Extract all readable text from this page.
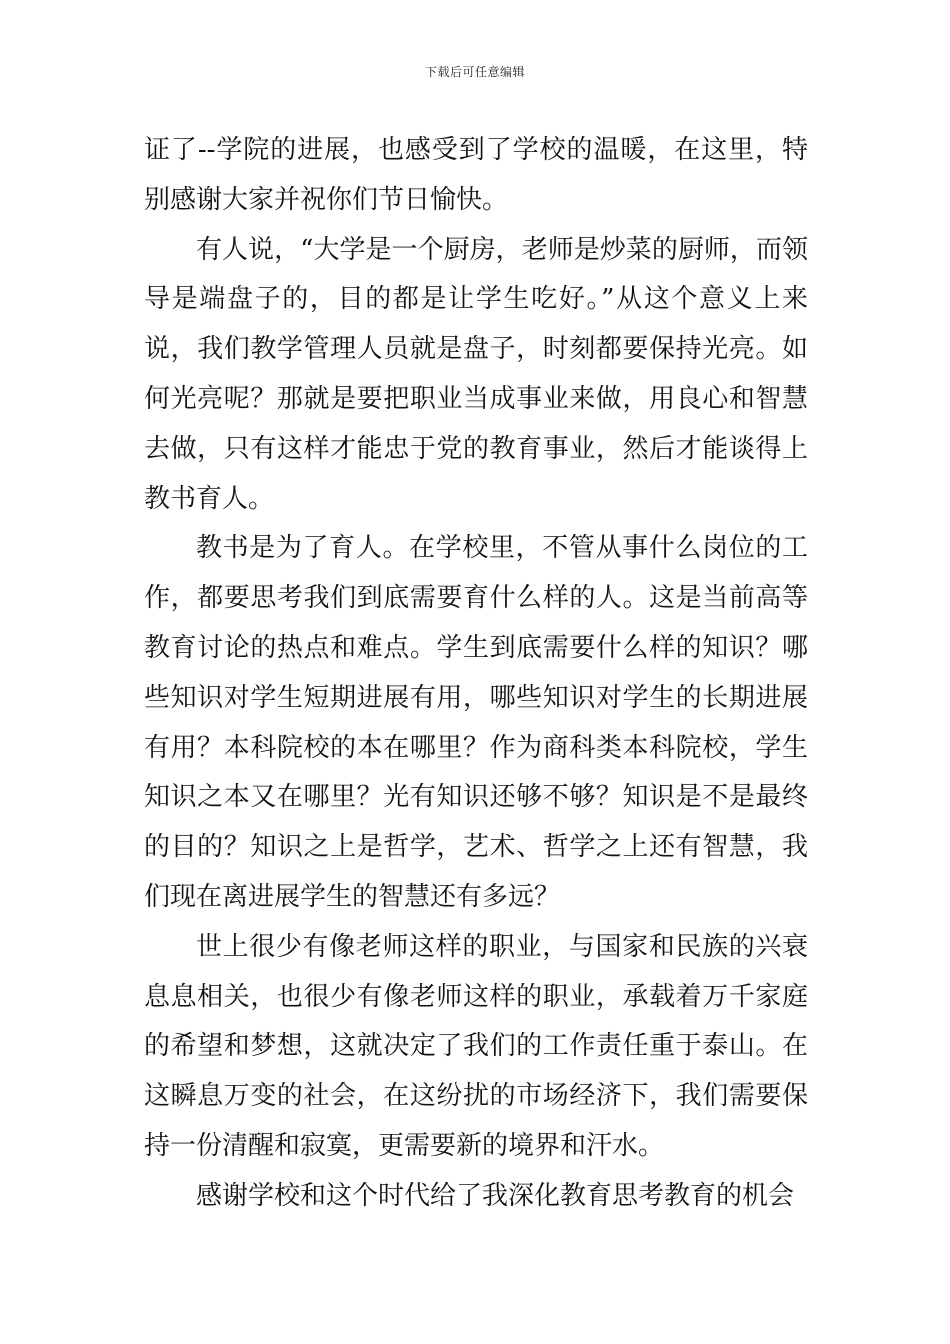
下载后可任意编辑

证了--学院的进展，也感受到了学校的温暖，在这里，特别感谢大家并祝你们节日愉快。

有人说，“大学是一个厨房，老师是炒菜的厨师，而领导是端盘子的，目的都是让学生吃好。”从这个意义上来说，我们教学管理人员就是盘子，时刻都要保持光亮。如何光亮呢？那就是要把职业当成事业来做，用良心和智慧去做，只有这样才能忠于党的教育事业，然后才能谈得上教书育人。

教书是为了育人。在学校里，不管从事什么岗位的工作，都要思考我们到底需要育什么样的人。这是当前高等教育讨论的热点和难点。学生到底需要什么样的知识？哪些知识对学生短期进展有用，哪些知识对学生的长期进展有用？本科院校的本在哪里？作为商科类本科院校，学生知识之本又在哪里？光有知识还够不够？知识是不是最终的目的？知识之上是哲学，艺术、哲学之上还有智慧，我们现在离进展学生的智慧还有多远？

世上很少有像老师这样的职业，与国家和民族的兴衰息息相关，也很少有像老师这样的职业，承载着万千家庭的希望和梦想，这就决定了我们的工作责任重于泰山。在这瞬息万变的社会，在这纷扰的市场经济下，我们需要保持一份清醒和寂寞，更需要新的境界和汗水。

感谢学校和这个时代给了我深化教育思考教育的机会
